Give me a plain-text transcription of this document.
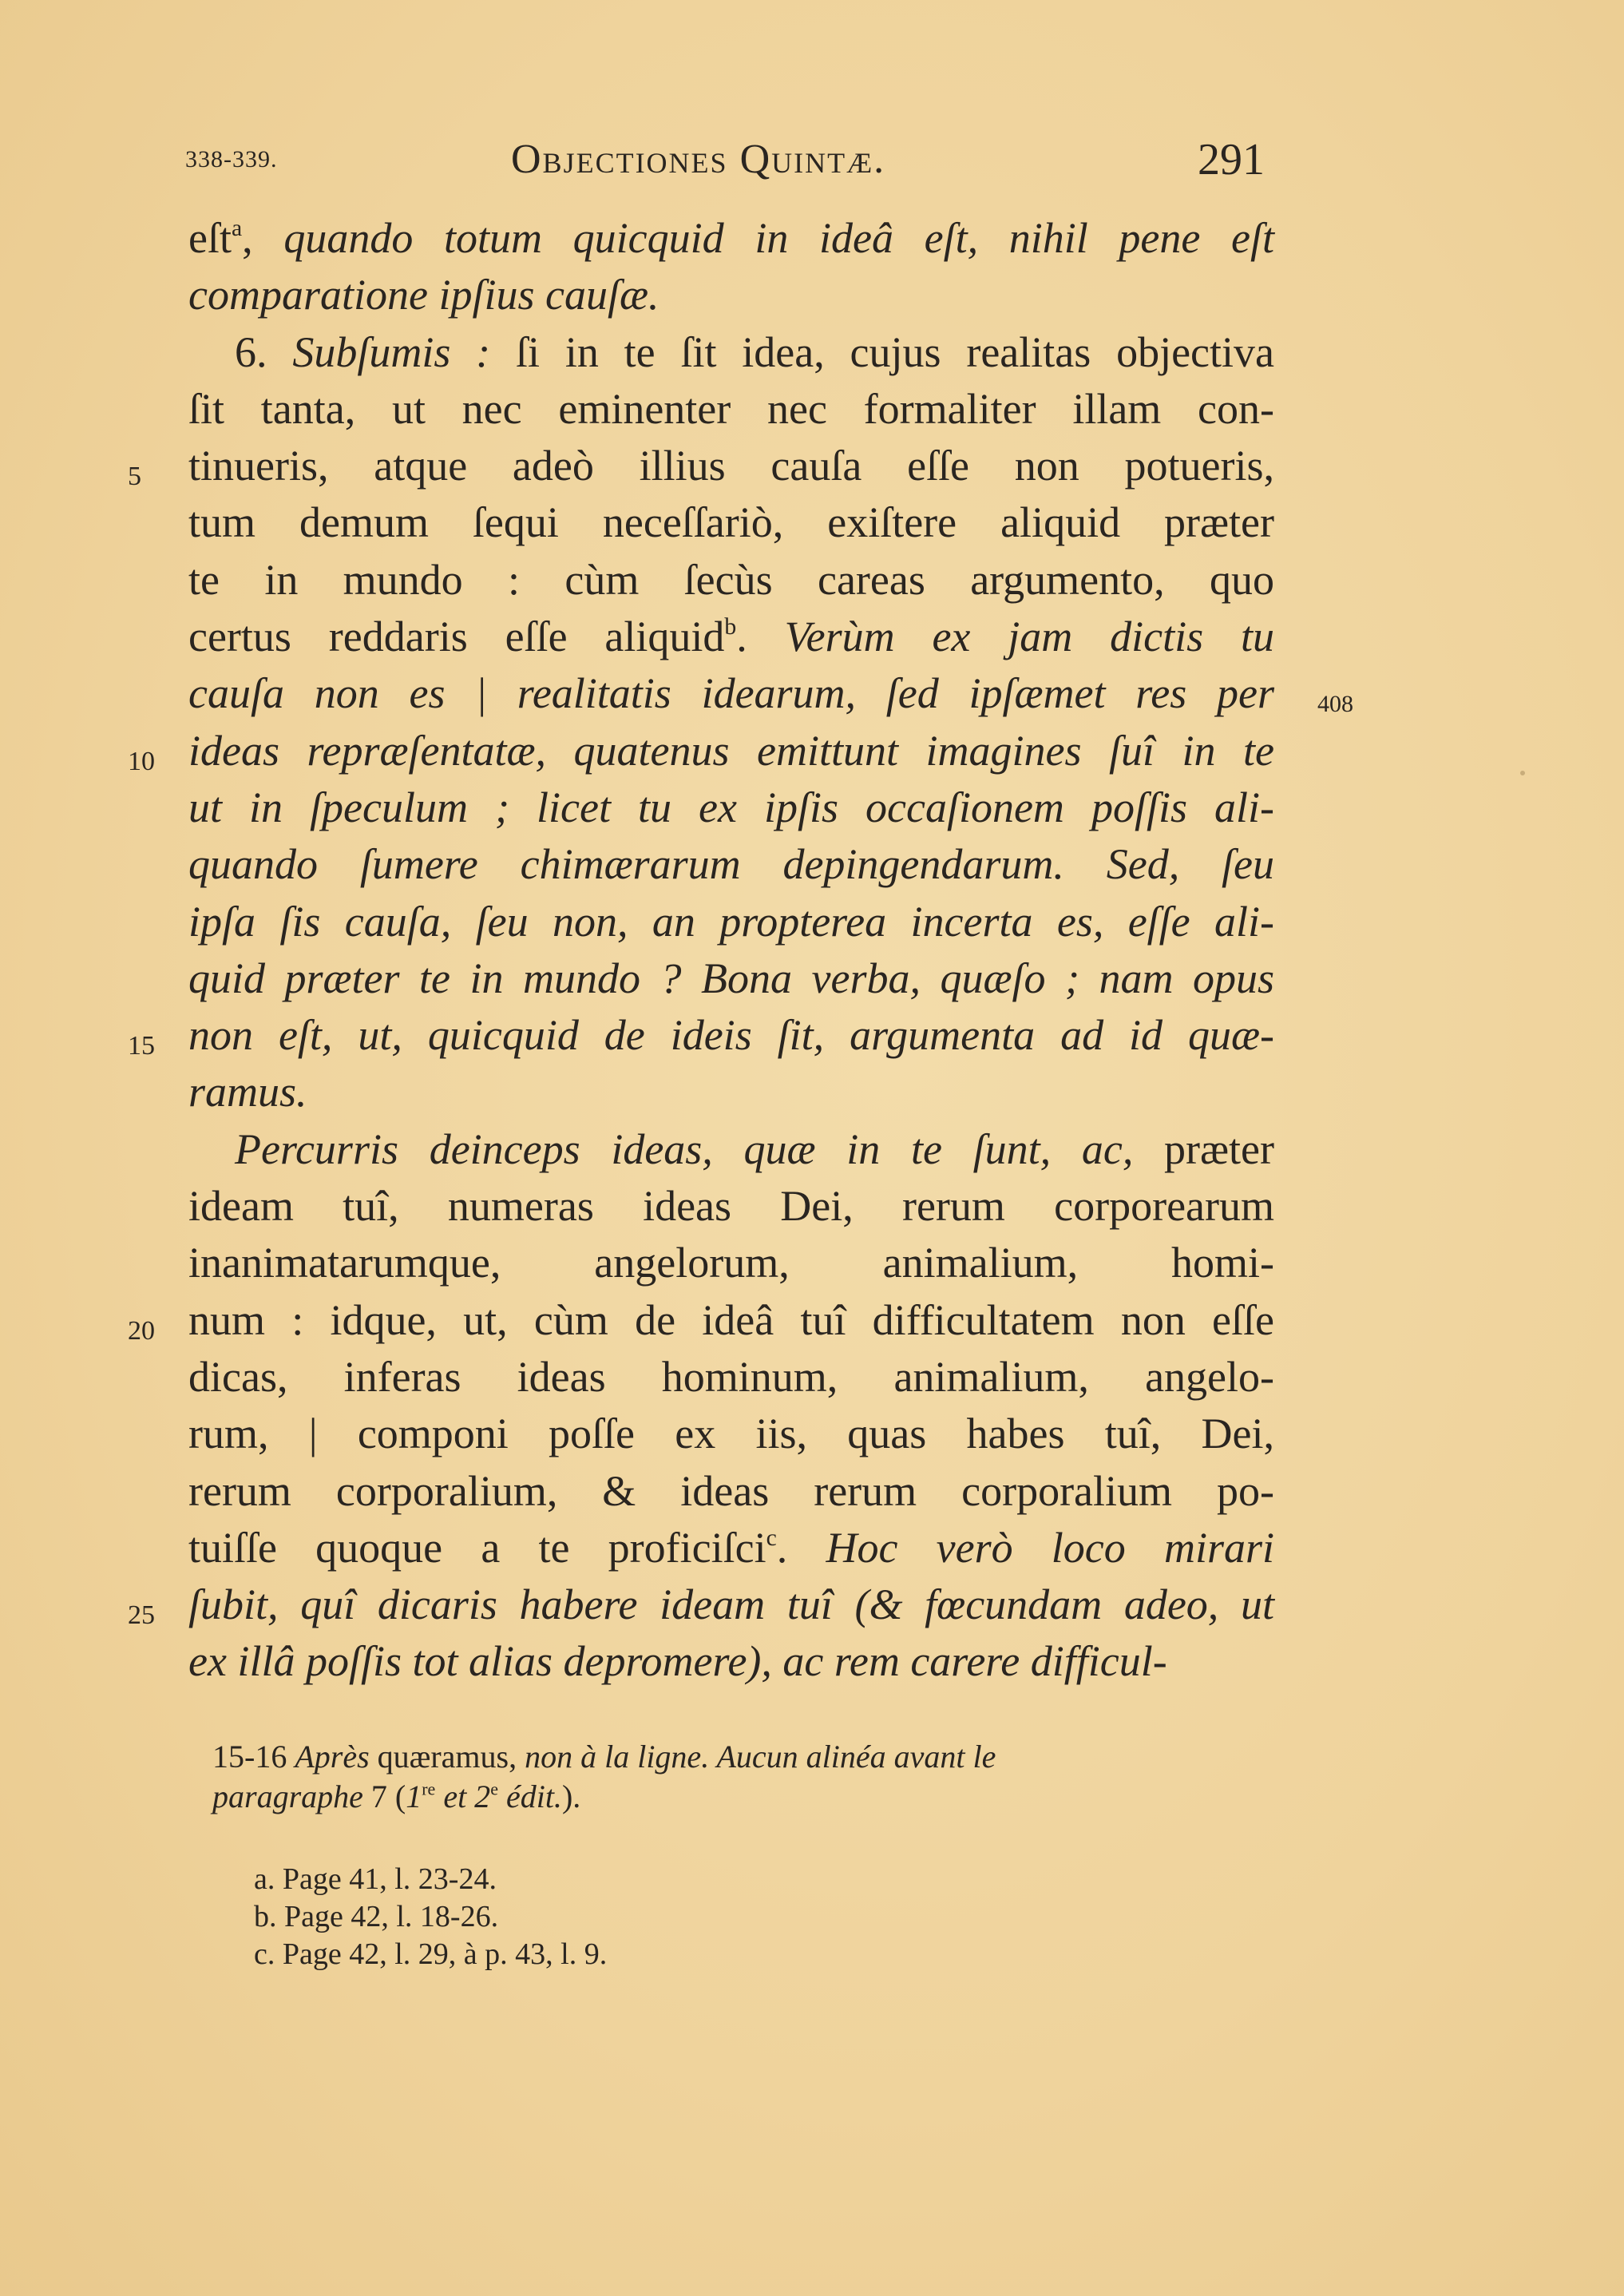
338-339.	Objectiones Quintæ.	291
5
10
15
20
25
408
eſt$^a$, quando totum quicquid in ideâ eſt, nihil pene eſt
comparatione ipſius cauſæ.
6. Subſumis : ſi in te ſit idea, cujus realitas objectiva
ſit tanta, ut nec eminenter nec formaliter illam con-
tinueris, atque adeò illius cauſa eſſe non potueris,
tum demum ſequi neceſſariò, exiſtere aliquid præter
te in mundo : cùm ſecùs careas argumento, quo
certus reddaris eſſe aliquid$^b$. Verùm ex jam dictis tu
cauſa non es | realitatis idearum, ſed ipſæmet res per
ideas repræſentatæ, quatenus emittunt imagines ſuî in te
ut in ſpeculum ; licet tu ex ipſis occaſionem poſſis ali-
quando ſumere chimærarum depingendarum. Sed, ſeu
ipſa ſis cauſa, ſeu non, an propterea incerta es, eſſe ali-
quid præter te in mundo ? Bona verba, quæſo ; nam opus
non eſt, ut, quicquid de ideis ſit, argumenta ad id quæ-
ramus.
Percurris deinceps ideas, quæ in te ſunt, ac, præter
ideam tuî, numeras ideas Dei, rerum corporearum
inanimatarumque, angelorum, animalium, homi-
num : idque, ut, cùm de ideâ tuî difficultatem non eſſe
dicas, inferas ideas hominum, animalium, angelo-
rum, | componi poſſe ex iis, quas habes tuî, Dei,
rerum corporalium, & ideas rerum corporalium po-
tuiſſe quoque a te proficiſci$^c$. Hoc verò loco mirari
ſubit, quî dicaris habere ideam tuî (& fœcundam adeo, ut
ex illâ poſſis tot alias depromere), ac rem carere difficul-
15-16 Après quæramus, non à la ligne. Aucun alinéa avant le
paragraphe 7 (1re et 2e édit.).
a. Page 41, l. 23-24.
b. Page 42, l. 18-26.
c. Page 42, l. 29, à p. 43, l. 9.
